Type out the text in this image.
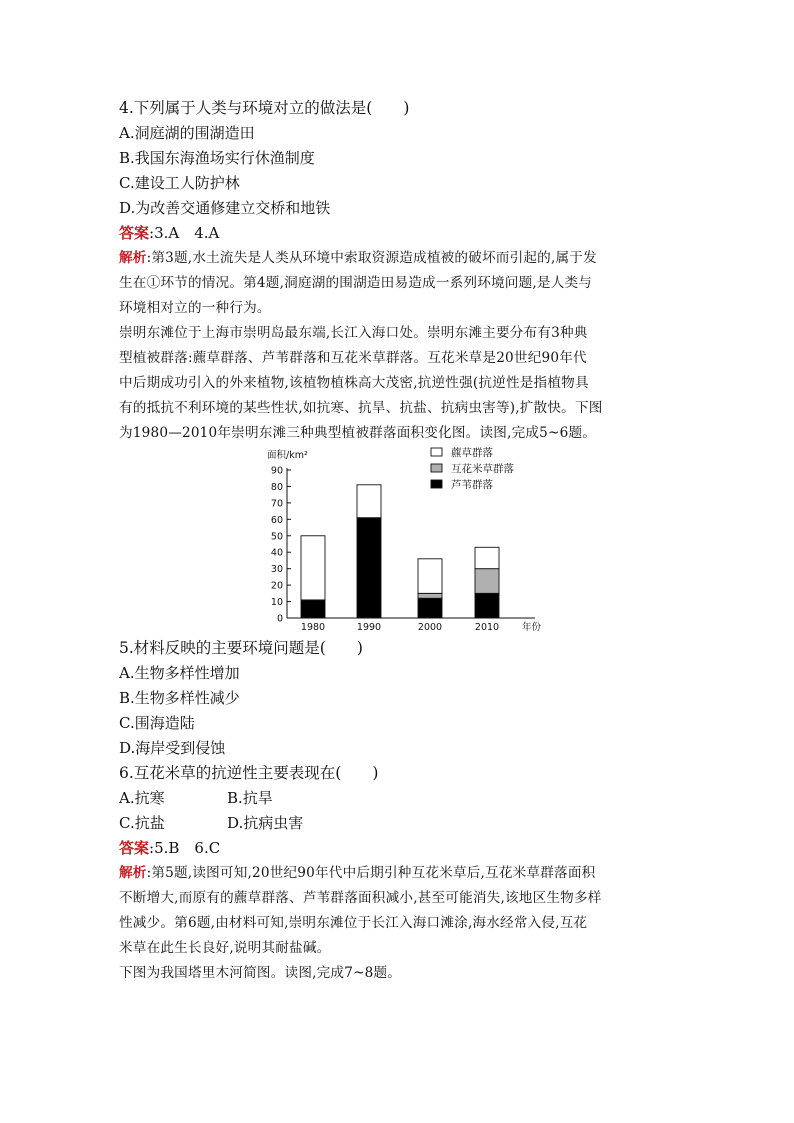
4.下列属于人类与环境对立的做法是(　　)

A.洞庭湖的围湖造田

B.我国东海渔场实行休渔制度

C.建设工人防护林

D.为改善交通修建立交桥和地铁

答案:3.A　4.A

解析:第3题,水土流失是人类从环境中索取资源造成植被的破坏而引起的,属于发

生在①环节的情况。第4题,洞庭湖的围湖造田易造成一系列环境问题,是人类与

环境相对立的一种行为。

崇明东滩位于上海市崇明岛最东端,长江入海口处。崇明东滩主要分布有3种典

型植被群落:藨草群落、芦苇群落和互花米草群落。互花米草是20世纪90年代

中后期成功引入的外来植物,该植物植株高大茂密,抗逆性强(抗逆性是指植物具

有的抵抗不利环境的某些性状,如抗寒、抗旱、抗盐、抗病虫害等),扩散快。下图

为1980—2010年崇明东滩三种典型植被群落面积变化图。读图,完成5~6题。

面积/km²
0
10
20
30
40
50
60
70
80
90
1980	1990	2000	2010 年份
藨草群落
互花米草群落
芦苇群落

5.材料反映的主要环境问题是(　　)

A.生物多样性增加

B.生物多样性减少

C.围海造陆

D.海岸受到侵蚀

6.互花米草的抗逆性主要表现在(　　)

A.抗寒	B.抗旱
C.抗盐	D.抗病虫害

答案:5.B　6.C

解析:第5题,读图可知,20世纪90年代中后期引种互花米草后,互花米草群落面积

不断增大,而原有的藨草群落、芦苇群落面积减小,甚至可能消失,该地区生物多样

性减少。第6题,由材料可知,崇明东滩位于长江入海口滩涂,海水经常入侵,互花

米草在此生长良好,说明其耐盐碱。

下图为我国塔里木河简图。读图,完成7~8题。
